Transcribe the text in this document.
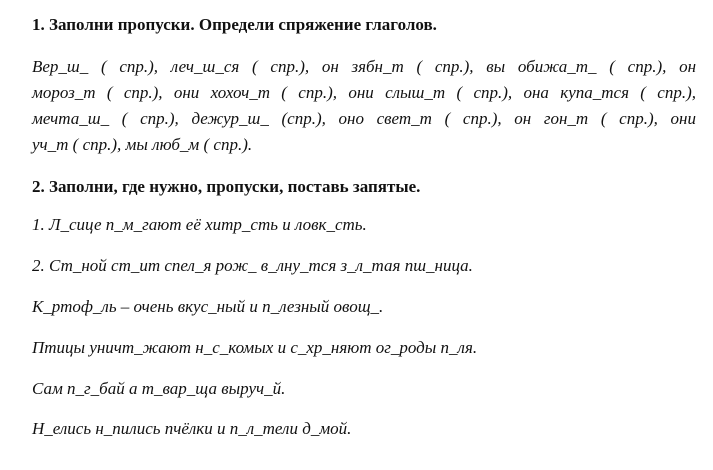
1. Заполни пропуски. Определи спряжение глаголов.
Вер_ш_ ( спр.), леч_ш_ся ( спр.), он зябн_т ( спр.), вы обижа_т_ ( спр.), он
мороз_т ( спр.), они хохоч_т ( спр.), они слыш_т ( спр.), она купа_тся ( спр.),
мечта_ш_ ( спр.), дежур_ш_ (спр.), оно свет_т ( спр.), он гон_т ( спр.), они
уч_т ( спр.), мы люб_м ( спр.).
2. Заполни, где нужно, пропуски, поставь запятые.
1. Л_сице п_м_гают её хитр_сть и ловк_сть.
2. Ст_ной ст_ит спел_я рож_ в_лну_тся з_л_тая пш_ница.
К_ртоф_ль – очень вкус_ный и п_лезный овощ_.
Птицы уничт_жают н_с_комых и с_хр_няют ог_роды п_ля.
Сам п_г_бай а т_вар_ща выруч_й.
Н_елись н_пились пчёлки и п_л_тели д_мой.
